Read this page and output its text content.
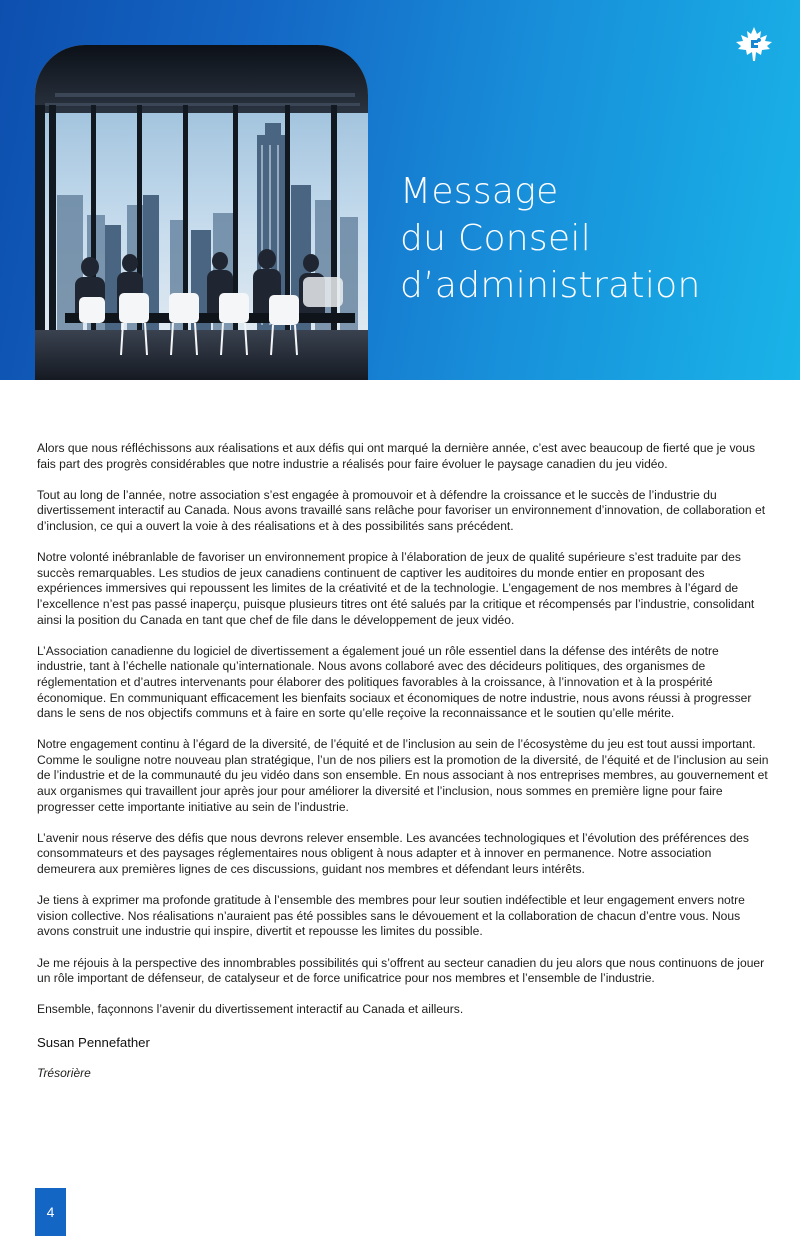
Message
du Conseil
d’administration

Alors que nous réfléchissons aux réalisations et aux défis qui ont marqué la dernière année, c’est avec beaucoup de fierté que je vous fais part des progrès considérables que notre industrie a réalisés pour faire évoluer le paysage canadien du jeu vidéo.

Tout au long de l’année, notre association s’est engagée à promouvoir et à défendre la croissance et le succès de l’industrie du divertissement interactif au Canada. Nous avons travaillé sans relâche pour favoriser un environnement d’innovation, de collaboration et d’inclusion, ce qui a ouvert la voie à des réalisations et à des possibilités sans précédent.

Notre volonté inébranlable de favoriser un environnement propice à l’élaboration de jeux de qualité supérieure s’est traduite par des succès remarquables. Les studios de jeux canadiens continuent de captiver les auditoires du monde entier en proposant des expériences immersives qui repoussent les limites de la créativité et de la technologie. L’engagement de nos membres à l’égard de l’excellence n’est pas passé inaperçu, puisque plusieurs titres ont été salués par la critique et récompensés par l’industrie, consolidant ainsi la position du Canada en tant que chef de file dans le développement de jeux vidéo.

L’Association canadienne du logiciel de divertissement a également joué un rôle essentiel dans la défense des intérêts de notre industrie, tant à l’échelle nationale qu’internationale. Nous avons collaboré avec des décideurs politiques, des organismes de réglementation et d’autres intervenants pour élaborer des politiques favorables à la croissance, à l’innovation et à la prospérité économique. En communiquant efficacement les bienfaits sociaux et économiques de notre industrie, nous avons réussi à progresser dans le sens de nos objectifs communs et à faire en sorte qu’elle reçoive la reconnaissance et le soutien qu’elle mérite.

Notre engagement continu à l’égard de la diversité, de l’équité et de l’inclusion au sein de l’écosystème du jeu est tout aussi important. Comme le souligne notre nouveau plan stratégique, l’un de nos piliers est la promotion de la diversité, de l’équité et de l’inclusion au sein de l’industrie et de la communauté du jeu vidéo dans son ensemble. En nous associant à nos entreprises membres, au gouvernement et aux organismes qui travaillent jour après jour pour améliorer la diversité et l’inclusion, nous sommes en première ligne pour faire progresser cette importante initiative au sein de l’industrie.

L’avenir nous réserve des défis que nous devrons relever ensemble. Les avancées technologiques et l’évolution des préférences des consommateurs et des paysages réglementaires nous obligent à nous adapter et à innover en permanence. Notre association demeurera aux premières lignes de ces discussions, guidant nos membres et défendant leurs intérêts.

Je tiens à exprimer ma profonde gratitude à l’ensemble des membres pour leur soutien indéfectible et leur engagement envers notre vision collective. Nos réalisations n’auraient pas été possibles sans le dévouement et la collaboration de chacun d’entre vous. Nous avons construit une industrie qui inspire, divertit et repousse les limites du possible.

Je me réjouis à la perspective des innombrables possibilités qui s’offrent au secteur canadien du jeu alors que nous continuons de jouer un rôle important de défenseur, de catalyseur et de force unificatrice pour nos membres et l’ensemble de l’industrie.

Ensemble, façonnons l’avenir du divertissement interactif au Canada et ailleurs.

Susan Pennefather

Trésorière

4
